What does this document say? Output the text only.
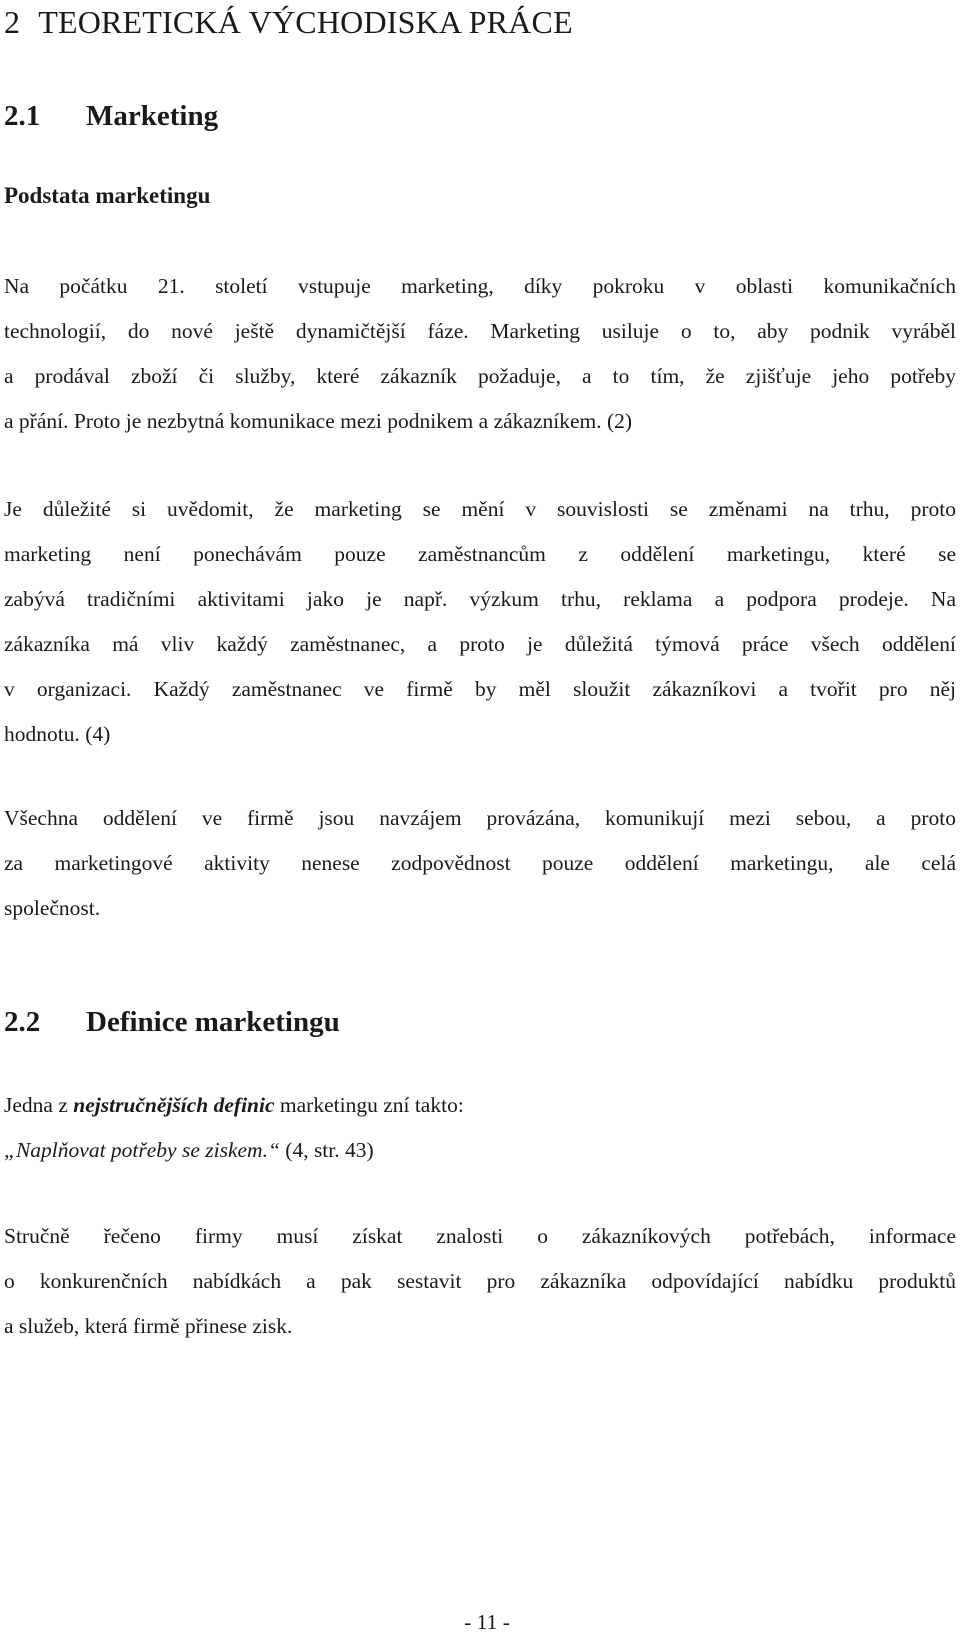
2 TEORETICKÁ VÝCHODISKA PRÁCE
2.1 Marketing
Podstata marketingu
Na počátku 21. století vstupuje marketing, díky pokroku v oblasti komunikačních
technologií, do nové ještě dynamičtější fáze. Marketing usiluje o to, aby podnik vyráběl
a prodával zboží či služby, které zákazník požaduje, a to tím, že zjišťuje jeho potřeby
a přání. Proto je nezbytná komunikace mezi podnikem a zákazníkem. (2)
Je důležité si uvědomit, že marketing se mění v souvislosti se změnami na trhu, proto
marketing není ponechávám pouze zaměstnancům z oddělení marketingu, které se
zabývá tradičními aktivitami jako je např. výzkum trhu, reklama a podpora prodeje. Na
zákazníka má vliv každý zaměstnanec, a proto je důležitá týmová práce všech oddělení
v organizaci. Každý zaměstnanec ve firmě by měl sloužit zákazníkovi a tvořit pro něj
hodnotu. (4)
Všechna oddělení ve firmě jsou navzájem provázána, komunikují mezi sebou, a proto
za marketingové aktivity nenese zodpovědnost pouze oddělení marketingu, ale celá
společnost.
2.2 Definice marketingu
Jedna z nejstručnějších definic marketingu zní takto:
„Naplňovat potřeby se ziskem.“ (4, str. 43)
Stručně řečeno firmy musí získat znalosti o zákazníkových potřebách, informace
o konkurenčních nabídkách a pak sestavit pro zákazníka odpovídající nabídku produktů
a služeb, která firmě přinese zisk.
- 11 -
